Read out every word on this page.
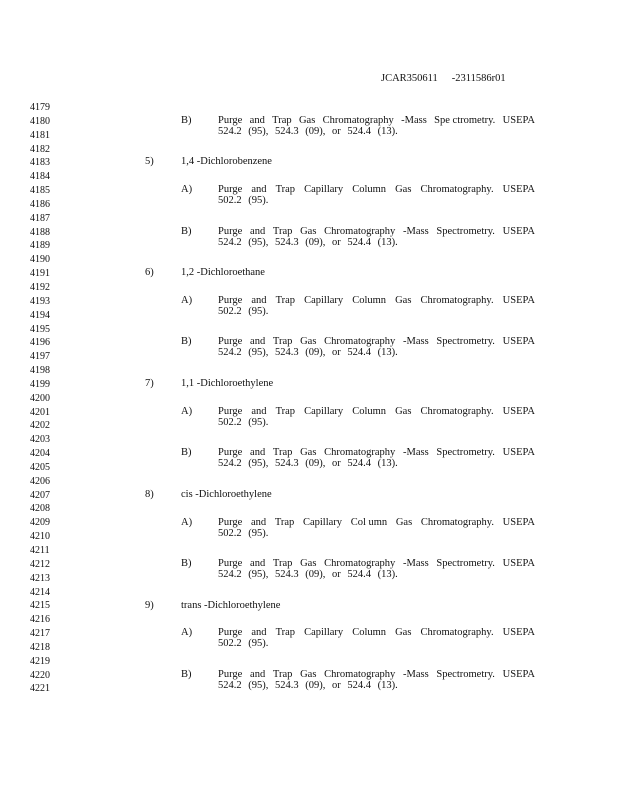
JCAR350611 -2311586r01
4179
4180
4181
4182
4183
4184
4185
4186
4187
4188
4189
4190
4191
4192
4193
4194
4195
4196
4197
4198
4199
4200
4201
4202
4203
4204
4205
4206
4207
4208
4209
4210
4211
4212
4213
4214
4215
4216
4217
4218
4219
4220
4221
B)	Purge and Trap Gas Chromatography -Mass Spe ctrometry. USEPA
524.2 (95), 524.3 (09), or 524.4 (13).
5)	1,4 -Dichlorobenzene
A) Purge and Trap Capillary Column Gas Chromatography. USEPA
502.2 (95).
B)	Purge and Trap Gas Chromatography -Mass Spectrometry. USEPA
524.2 (95), 524.3 (09), or 524.4 (13).
6)	1,2 -Dichloroethane
A) Purge and Trap Capillary Column Gas Chromatography. USEPA
502.2 (95).
B)	Purge and Trap Gas Chromatography -Mass Spectrometry. USEPA
524.2 (95), 524.3 (09), or 524.4 (13).
7)	1,1 -Dichloroethylene
A) Purge and Trap Capillary Column Gas Chromatography. USEPA
502.2 (95).
B)	Purge and Trap Gas Chromatography -Mass Spectrometry. USEPA
524.2 (95), 524.3 (09), or 524.4 (13).
8)	cis -Dichloroethylene
A) Purge and Trap Capillary Col umn Gas Chromatography. USEPA
502.2 (95).
B)	Purge and Trap Gas Chromatography -Mass Spectrometry. USEPA
524.2 (95), 524.3 (09), or 524.4 (13).
9)	trans -Dichloroethylene
A) Purge and Trap Capillary Column Gas Chromatography. USEPA
502.2 (95).
B)	Purge and Trap Gas Chromatography -Mass Spectrometry. USEPA
524.2 (95), 524.3 (09), or 524.4 (13).
